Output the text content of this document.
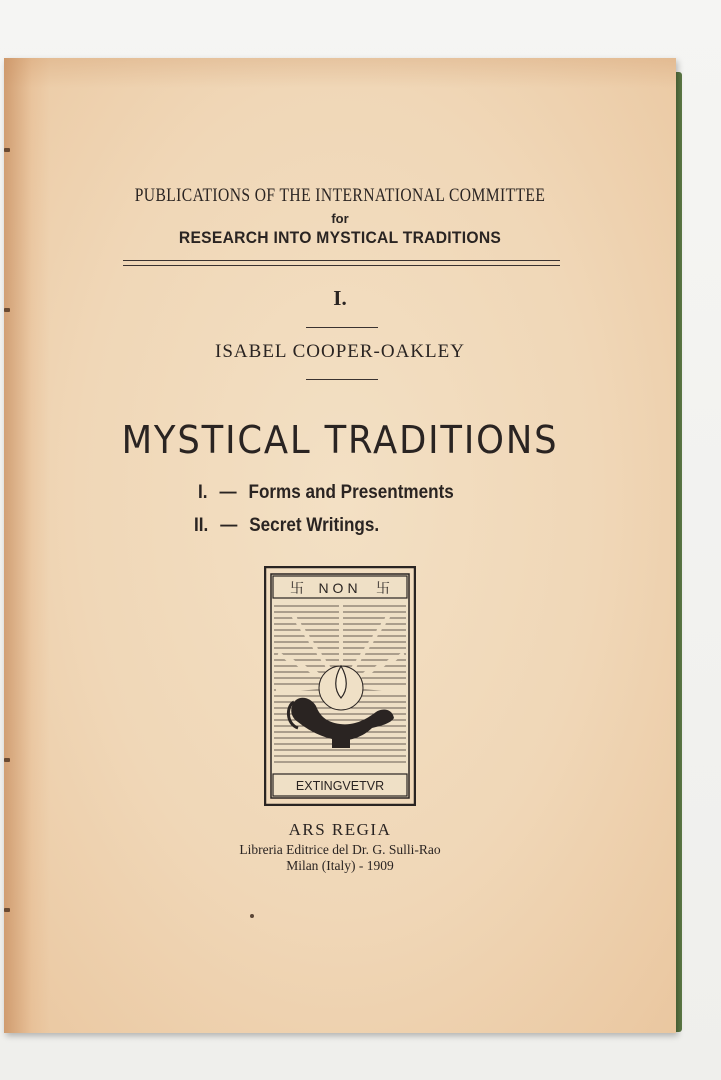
PUBLICATIONS OF THE INTERNATIONAL COMMITTEE
for
RESEARCH INTO MYSTICAL TRADITIONS
I.
ISABEL COOPER-OAKLEY
MYSTICAL TRADITIONS
I. — Forms and Presentments
II. — Secret Writings.
卐 NON 卐
EXTINGVETVR
ARS REGIA
Libreria Editrice del Dr. G. Sulli-Rao
Milan (Italy) - 1909
